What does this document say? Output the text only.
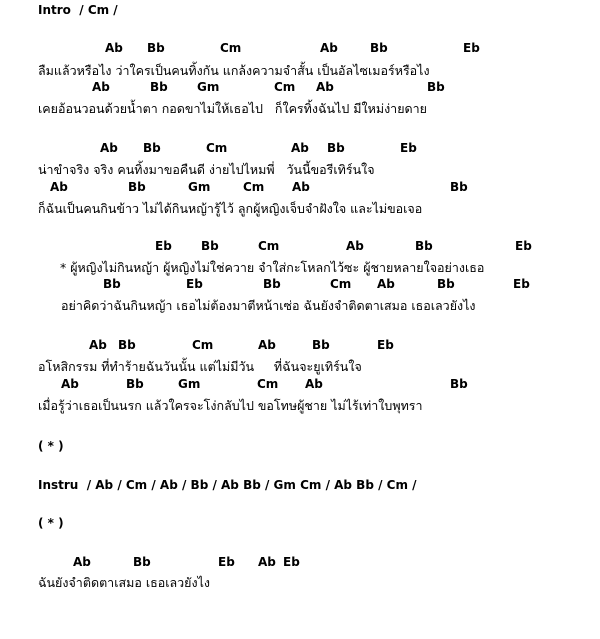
Intro  / Cm /

Ab

Bb

	Cm

	Ab

	Bb

	Eb

ลืมแล้วหรือไง ว่าใครเป็นคนทิ้งกัน แกล้งความจำสั้น เป็นอัลไซเมอร์หรือไง

Ab

	Bb

Gm

	Cm

Ab

	Bb

เคยอ้อนวอนด้วยน้ำตา กอดขาไม่ให้เธอไป   ก็ใครทิ้งฉันไป มีใหม่ง่ายดาย

Ab

Bb

	Cm

	Ab

Bb

	Eb

น่าขำจริง จริง คนทิ้งมาขอคืนดี ง่ายไปไหมพี่   วันนี้ขอรีเทิร์นใจ

Ab

	Bb

	Gm

	Cm

Ab

	Bb

ก็ฉันเป็นคนกินข้าว ไม่ได้กินหญ้ารู้ไว้ ลูกผู้หญิงเจ็บจำฝังใจ และไม่ขอเจอ

Eb

Bb

	Cm

	Ab

	Bb

	Eb

* ผู้หญิงไม่กินหญ้า ผู้หญิงไม่ใช่ควาย จำใส่กะโหลกไว้ซะ ผู้ชายหลายใจอย่างเธอ

Bb

	Eb

	Bb

	Cm

Ab

	Bb

	Eb

อย่าคิดว่าฉันกินหญ้า เธอไม่ต้องมาตีหน้าเซ่อ ฉันยังจำติดตาเสมอ เธอเลวยังไง

Ab

Bb

	Cm

	Ab

	Bb

	Eb

อโหสิกรรม ที่ทำร้ายฉันวันนั้น แต่ไม่มีวัน     ที่ฉันจะยูเทิร์นใจ

Ab

	Bb

	Gm

	Cm

Ab

	Bb

เมื่อรู้ว่าเธอเป็นนรก แล้วใครจะโง่กลับไป ขอโทษผู้ชาย ไม่ไร้เท่าใบพุทรา
( * )
Instru  / Ab / Cm / Ab / Bb / Ab Bb / Gm Cm / Ab Bb / Cm /
( * )

Ab

	Bb

	Eb

Ab

Eb

ฉันยังจำติดตาเสมอ เธอเลวยังไง
